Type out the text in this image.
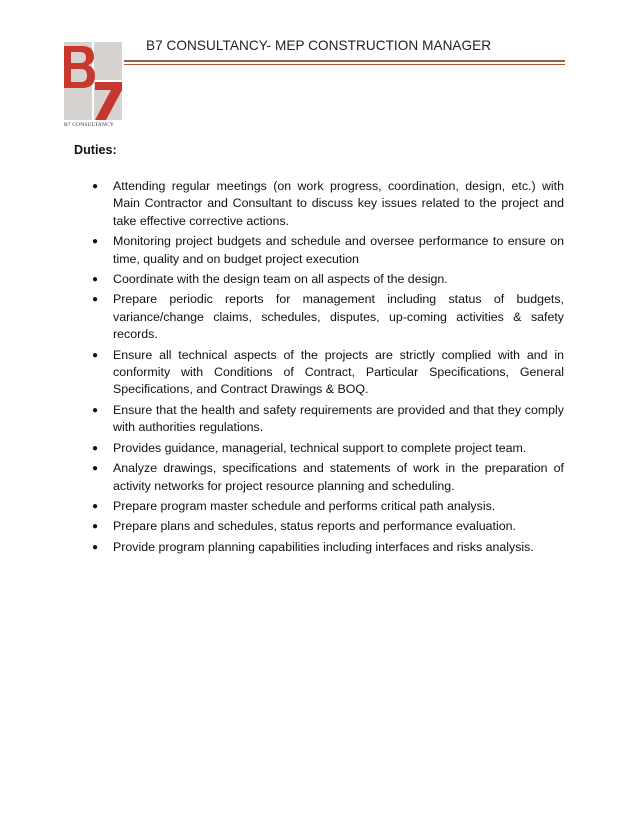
B7 CONSULTANCY
B7 CONSULTANCY- MEP CONSTRUCTION MANAGER
Duties:
●	Attending regular meetings (on work progress, coordination, design, etc.) with Main Contractor and Consultant to discuss key issues related to the project and take effective corrective actions.
●	Monitoring project budgets and schedule and oversee performance to ensure on time, quality and on budget project execution
●	Coordinate with the design team on all aspects of the design.
●	Prepare periodic reports for management including status of budgets, variance/change claims, schedules, disputes, up-coming activities & safety records.
●	Ensure all technical aspects of the projects are strictly complied with and in conformity with Conditions of Contract, Particular Specifications, General Specifications, and Contract Drawings & BOQ.
●	Ensure that the health and safety requirements are provided and that they comply with authorities regulations.
●	Provides guidance, managerial, technical support to complete project team.
●	Analyze drawings, specifications and statements of work in the preparation of activity networks for project resource planning and scheduling.
●	Prepare program master schedule and performs critical path analysis.
●	Prepare plans and schedules, status reports and performance evaluation.
●	Provide program planning capabilities including interfaces and risks analysis.
